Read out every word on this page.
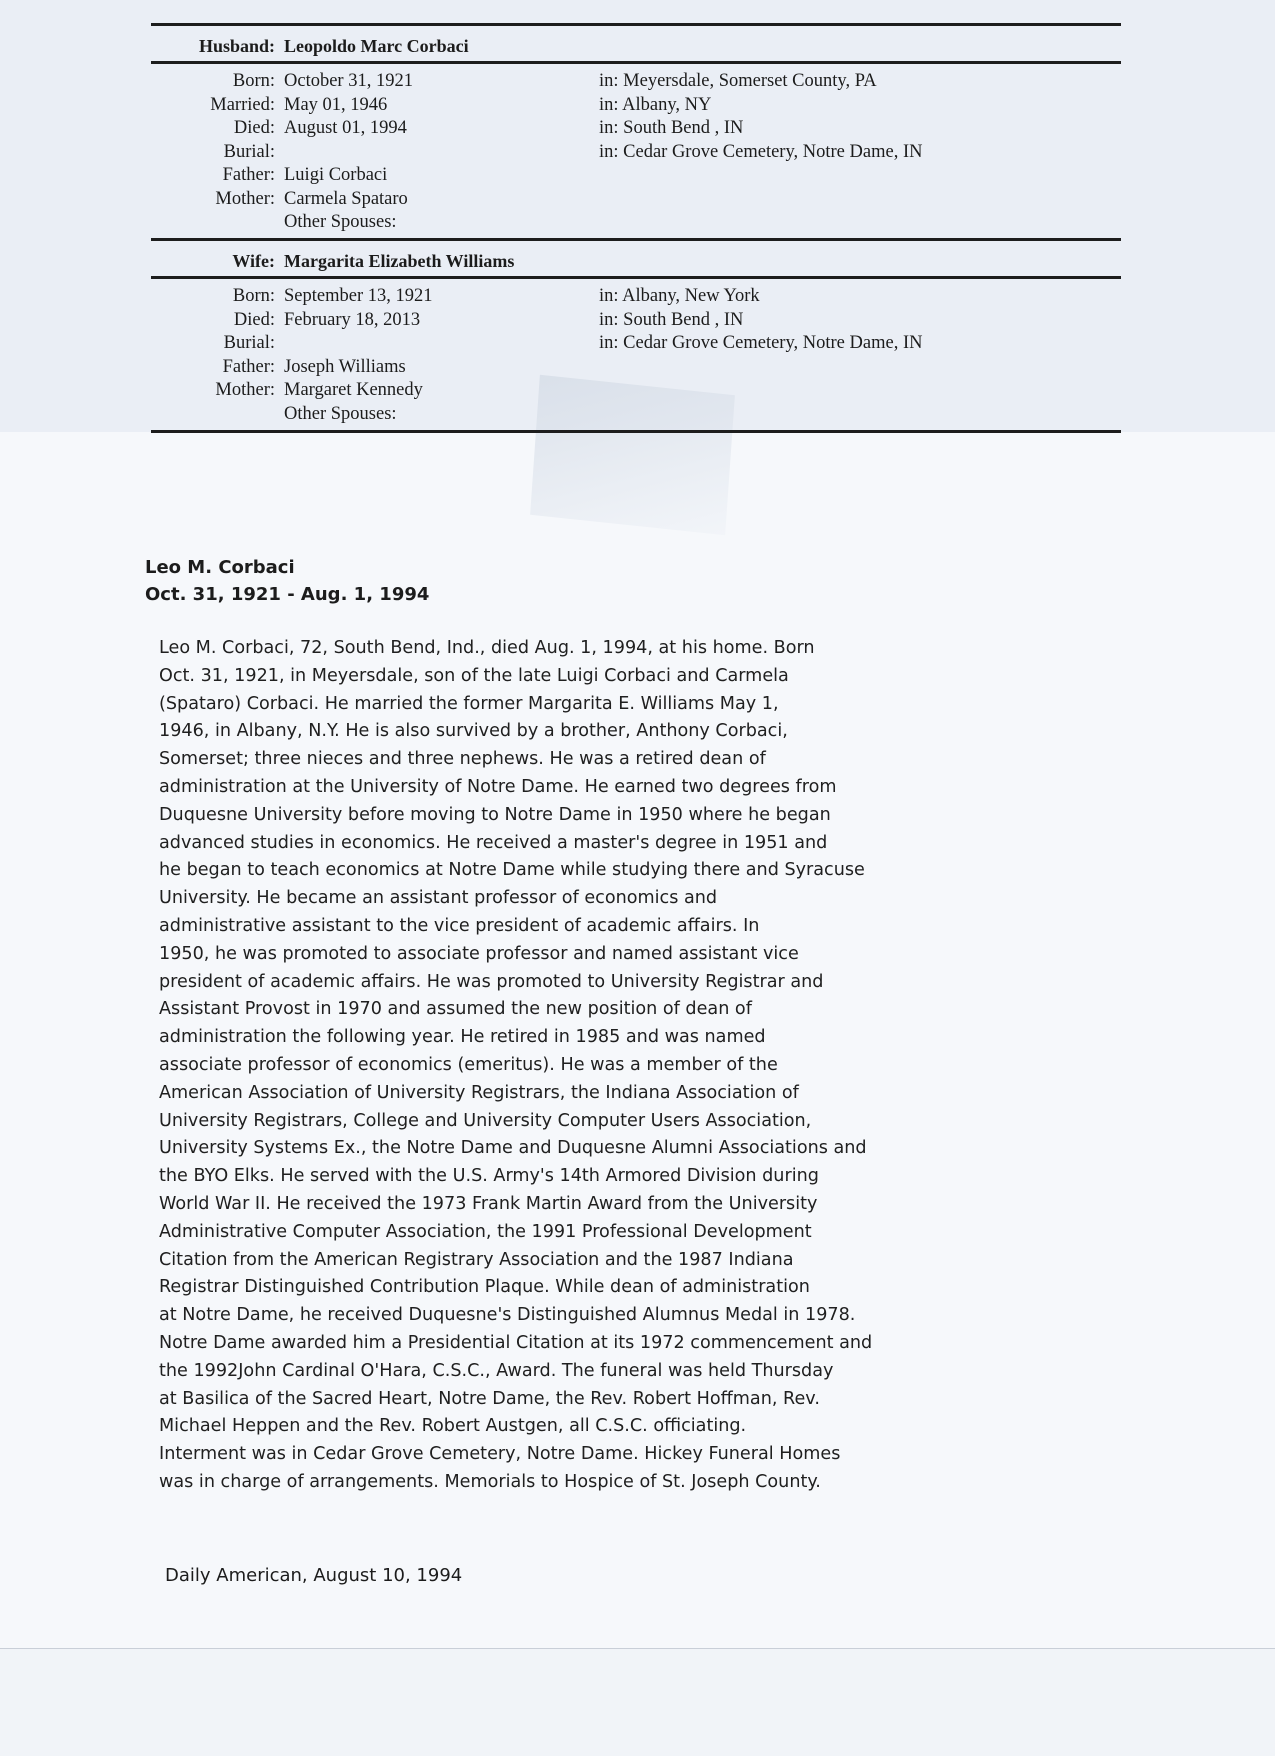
Husband: Leopoldo Marc Corbaci
Born:
Married:
Died:
Burial:
Father:
Mother:
October 31, 1921
May 01, 1946
August 01, 1994
Luigi Corbaci
Carmela Spataro
Other Spouses:
in: Meyersdale, Somerset County, PA
in: Albany, NY
in: South Bend , IN
in: Cedar Grove Cemetery, Notre Dame, IN
Wife: Margarita Elizabeth Williams
Born:
Died:
Burial:
Father:
Mother:
September 13, 1921
February 18, 2013
Joseph Williams
Margaret Kennedy
Other Spouses:
in: Albany, New York
in: South Bend , IN
in: Cedar Grove Cemetery, Notre Dame, IN
Leo M. Corbaci
Oct. 31, 1921 - Aug. 1, 1994

Leo M. Corbaci, 72, South Bend, Ind., died Aug. 1, 1994, at his home. Born

Oct. 31, 1921, in Meyersdale, son of the late Luigi Corbaci and Carmela

(Spataro) Corbaci. He married the former Margarita E. Williams May 1,

1946, in Albany, N.Y. He is also survived by a brother, Anthony Corbaci,

Somerset; three nieces and three nephews. He was a retired dean of

administration at the University of Notre Dame. He earned two degrees from

Duquesne University before moving to Notre Dame in 1950 where he began

advanced studies in economics. He received a master's degree in 1951 and

he began to teach economics at Notre Dame while studying there and Syracuse

University. He became an assistant professor of economics and

administrative assistant to the vice president of academic affairs. In

1950, he was promoted to associate professor and named assistant vice

president of academic affairs. He was promoted to University Registrar and

Assistant Provost in 1970 and assumed the new position of dean of

administration the following year. He retired in 1985 and was named

associate professor of economics (emeritus). He was a member of the

American Association of University Registrars, the Indiana Association of

University Registrars, College and University Computer Users Association,

University Systems Ex., the Notre Dame and Duquesne Alumni Associations and

the BYO Elks. He served with the U.S. Army's 14th Armored Division during

World War II. He received the 1973 Frank Martin Award from the University

Administrative Computer Association, the 1991 Professional Development

Citation from the American Registrary Association and the 1987 Indiana

Registrar Distinguished Contribution Plaque. While dean of administration

at Notre Dame, he received Duquesne's Distinguished Alumnus Medal in 1978.

Notre Dame awarded him a Presidential Citation at its 1972 commencement and

the 1992John Cardinal O'Hara, C.S.C., Award. The funeral was held Thursday

at Basilica of the Sacred Heart, Notre Dame, the Rev. Robert Hoffman, Rev.

Michael Heppen and the Rev. Robert Austgen, all C.S.C. officiating.

Interment was in Cedar Grove Cemetery, Notre Dame. Hickey Funeral Homes

was in charge of arrangements. Memorials to Hospice of St. Joseph County.

Daily American, August 10, 1994
